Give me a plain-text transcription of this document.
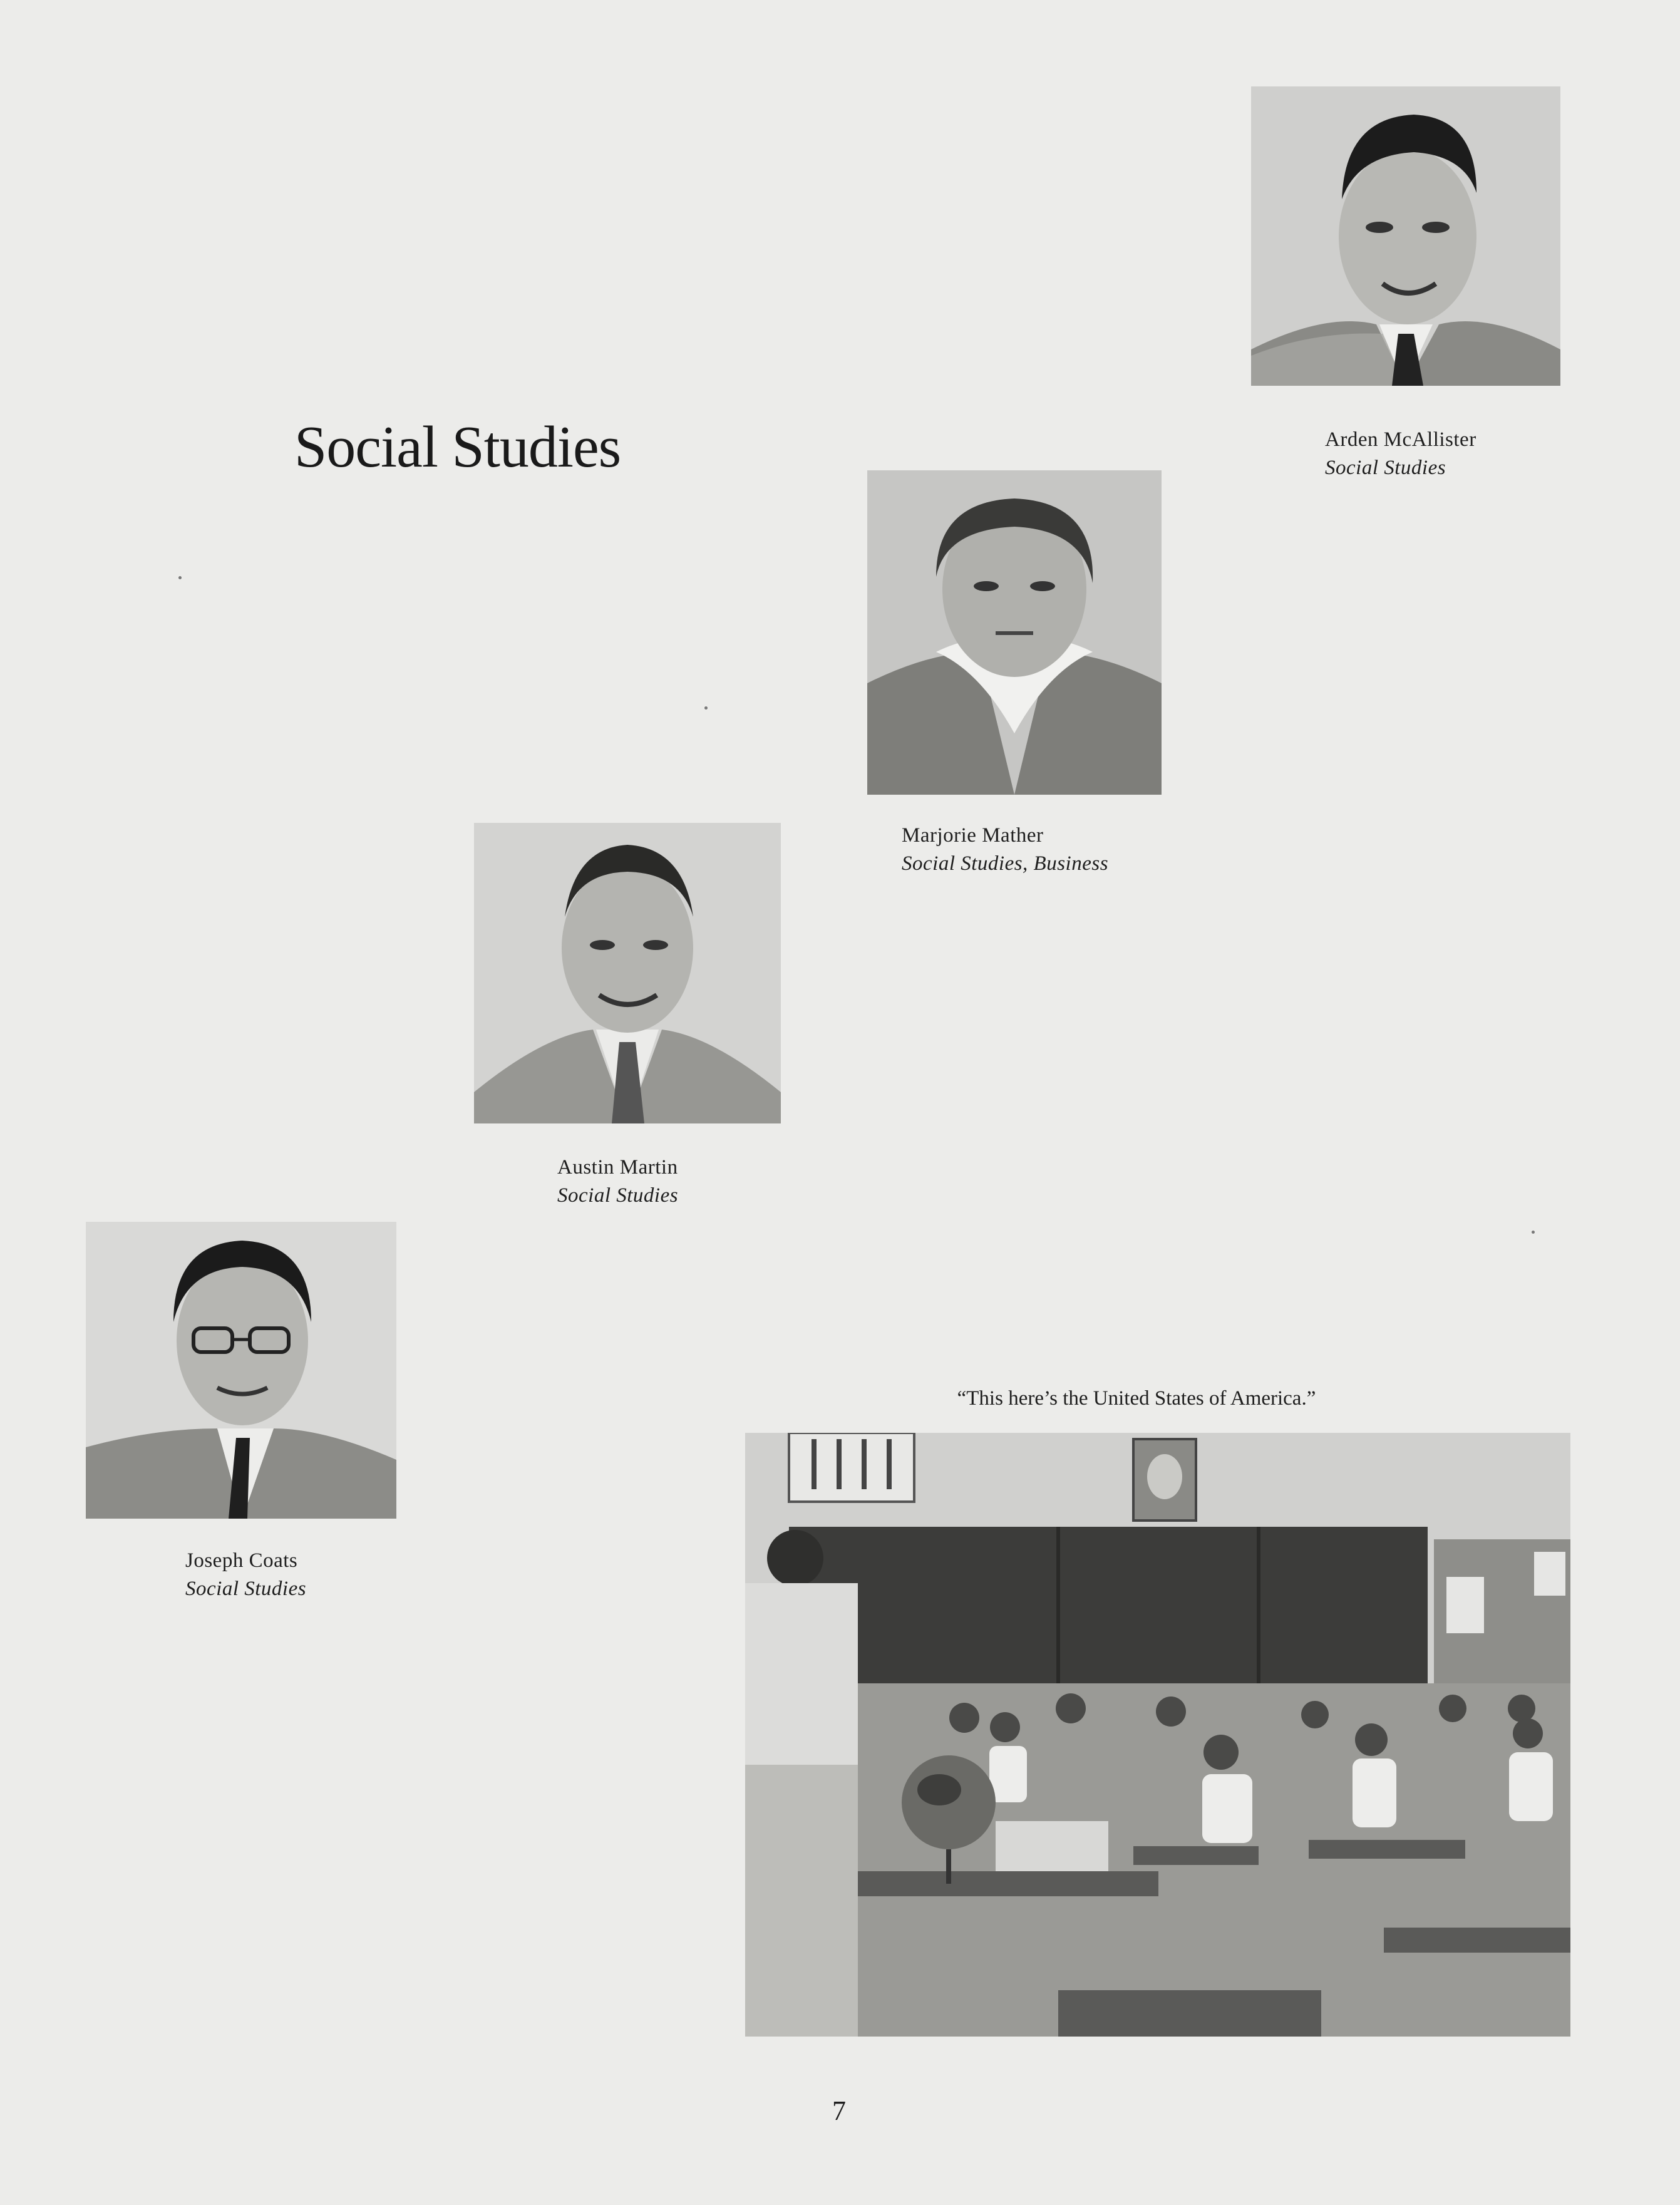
Social Studies	Arden McAllister
Social Studies
Marjorie Mather
Social Studies, Business
Austin Martin
Social Studies
Joseph Coats
Social Studies
“This here’s the United States of America.”
7
